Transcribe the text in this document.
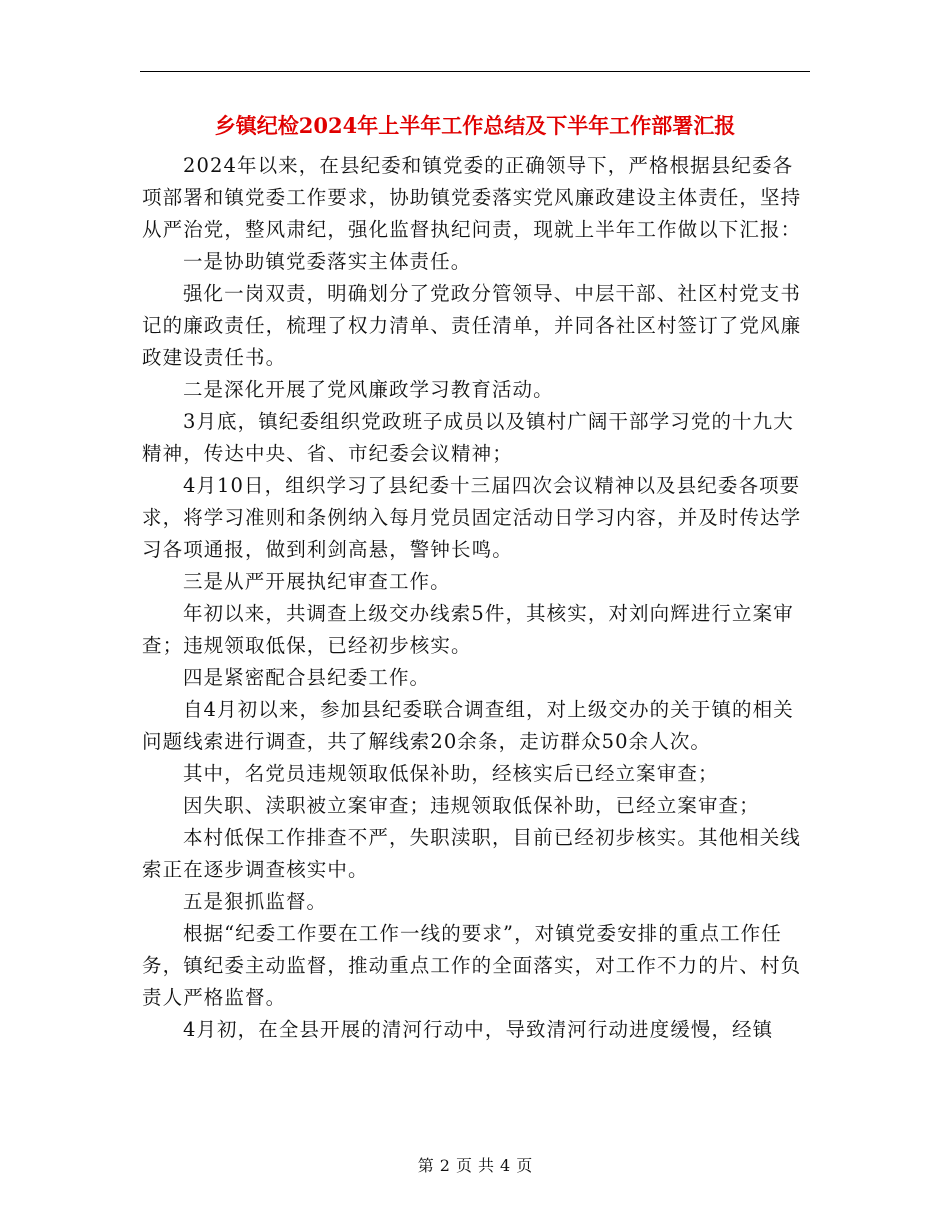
乡镇纪检2024年上半年工作总结及下半年工作部署汇报

2024年以来，在县纪委和镇党委的正确领导下，严格根据县纪委各项部署和镇党委工作要求，协助镇党委落实党风廉政建设主体责任，坚持从严治党，整风肃纪，强化监督执纪问责，现就上半年工作做以下汇报：

一是协助镇党委落实主体责任。

强化一岗双责，明确划分了党政分管领导、中层干部、社区村党支书记的廉政责任，梳理了权力清单、责任清单，并同各社区村签订了党风廉政建设责任书。

二是深化开展了党风廉政学习教育活动。

3月底，镇纪委组织党政班子成员以及镇村广阔干部学习党的十九大精神，传达中央、省、市纪委会议精神；

4月10日，组织学习了县纪委十三届四次会议精神以及县纪委各项要求，将学习准则和条例纳入每月党员固定活动日学习内容，并及时传达学习各项通报，做到利剑高悬，警钟长鸣。

三是从严开展执纪审查工作。

年初以来，共调查上级交办线索5件，其核实，对刘向辉进行立案审查；违规领取低保，已经初步核实。

四是紧密配合县纪委工作。

自4月初以来，参加县纪委联合调查组，对上级交办的关于镇的相关问题线索进行调查，共了解线索20余条，走访群众50余人次。

其中，名党员违规领取低保补助，经核实后已经立案审查；

因失职、渎职被立案审查；违规领取低保补助，已经立案审查；

本村低保工作排查不严，失职渎职，目前已经初步核实。其他相关线索正在逐步调查核实中。

五是狠抓监督。

根据“纪委工作要在工作一线的要求”，对镇党委安排的重点工作任务，镇纪委主动监督，推动重点工作的全面落实，对工作不力的片、村负责人严格监督。

4月初，在全县开展的清河行动中，导致清河行动进度缓慢，经镇

第 2 页 共 4 页
